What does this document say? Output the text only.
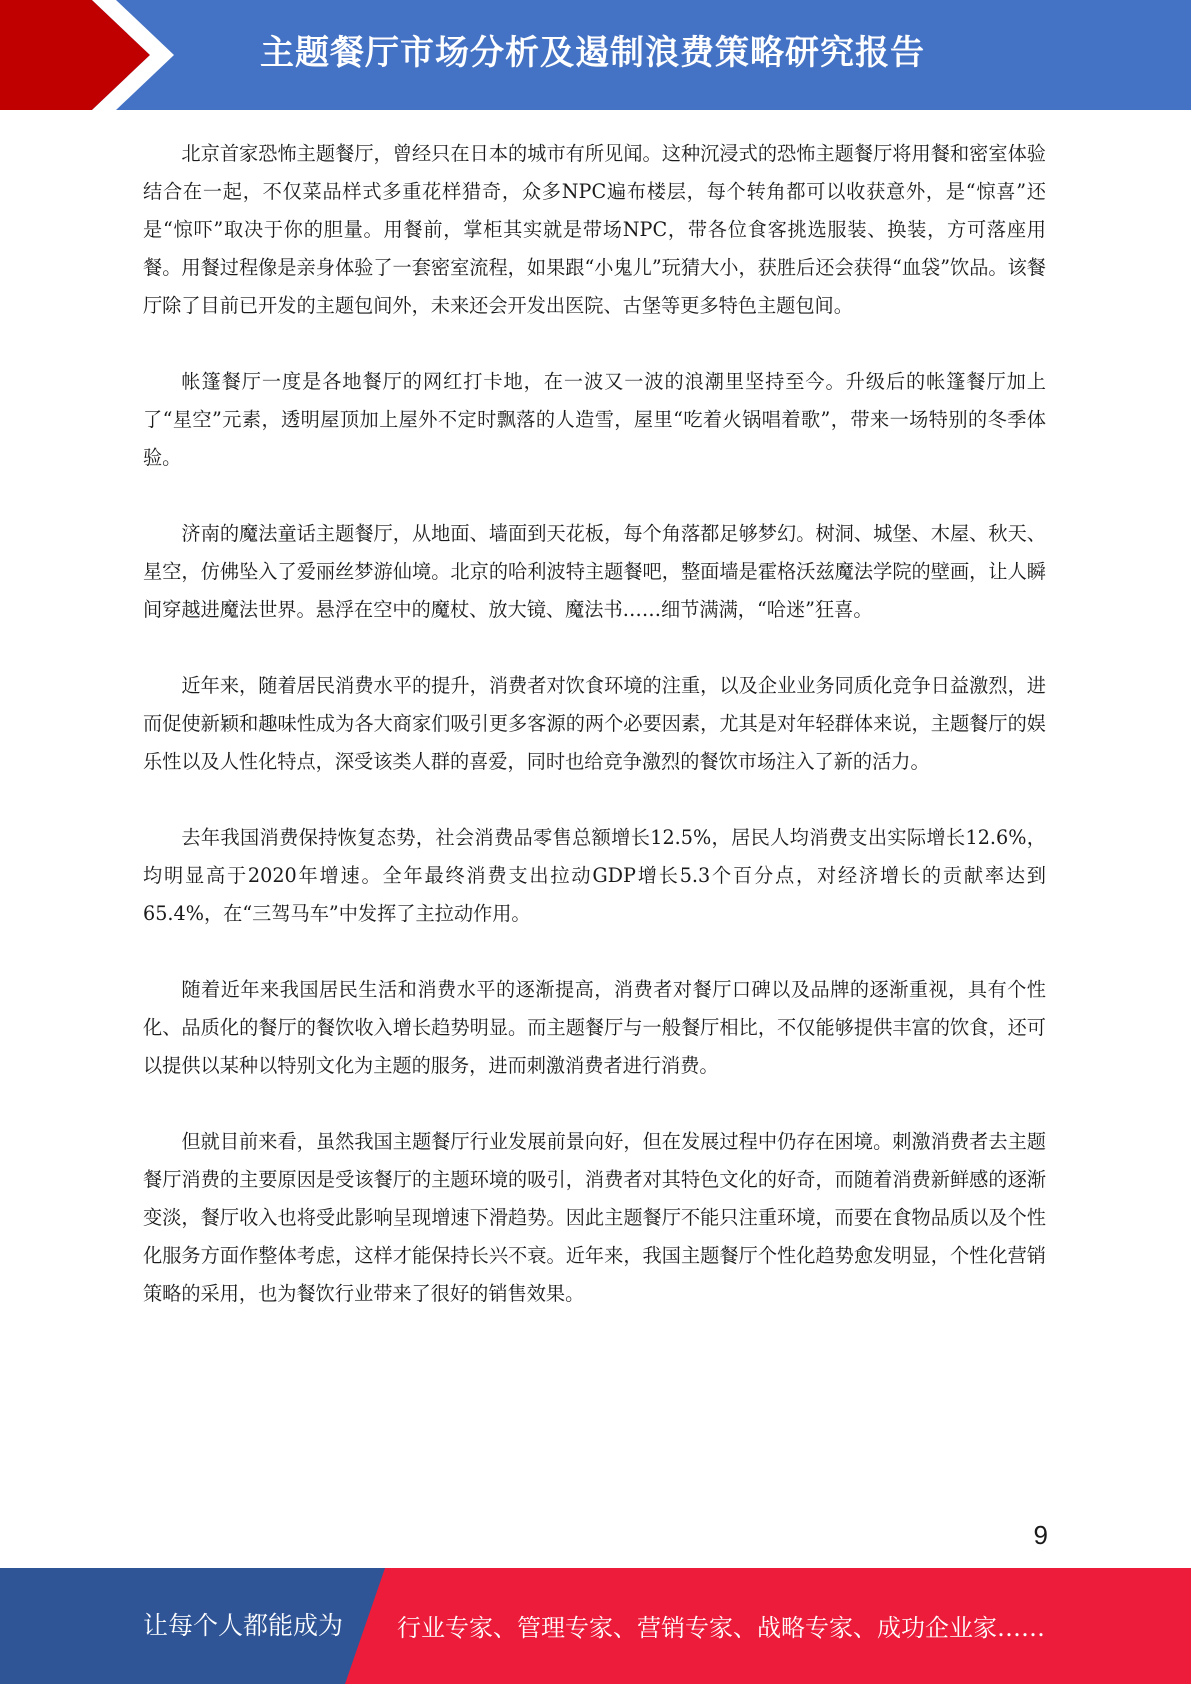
主题餐厅市场分析及遏制浪费策略研究报告

北京首家恐怖主题餐厅，曾经只在日本的城市有所见闻。这种沉浸式的恐怖主题餐厅将用餐和密室体验结合在一起，不仅菜品样式多重花样猎奇，众多NPC遍布楼层，每个转角都可以收获意外，是“惊喜”还是“惊吓”取决于你的胆量。用餐前，掌柜其实就是带场NPC，带各位食客挑选服装、换装，方可落座用餐。用餐过程像是亲身体验了一套密室流程，如果跟“小鬼儿”玩猜大小，获胜后还会获得“血袋”饮品。该餐厅除了目前已开发的主题包间外，未来还会开发出医院、古堡等更多特色主题包间。

帐篷餐厅一度是各地餐厅的网红打卡地，在一波又一波的浪潮里坚持至今。升级后的帐篷餐厅加上了“星空”元素，透明屋顶加上屋外不定时飘落的人造雪，屋里“吃着火锅唱着歌”，带来一场特别的冬季体验。

济南的魔法童话主题餐厅，从地面、墙面到天花板，每个角落都足够梦幻。树洞、城堡、木屋、秋天、星空，仿佛坠入了爱丽丝梦游仙境。北京的哈利波特主题餐吧，整面墙是霍格沃兹魔法学院的壁画，让人瞬间穿越进魔法世界。悬浮在空中的魔杖、放大镜、魔法书……细节满满，“哈迷”狂喜。

近年来，随着居民消费水平的提升，消费者对饮食环境的注重，以及企业业务同质化竞争日益激烈，进而促使新颖和趣味性成为各大商家们吸引更多客源的两个必要因素，尤其是对年轻群体来说，主题餐厅的娱乐性以及人性化特点，深受该类人群的喜爱，同时也给竞争激烈的餐饮市场注入了新的活力。

去年我国消费保持恢复态势，社会消费品零售总额增长12.5%，居民人均消费支出实际增长12.6%，均明显高于2020年增速。全年最终消费支出拉动GDP增长5.3个百分点，对经济增长的贡献率达到65.4%，在“三驾马车”中发挥了主拉动作用。

随着近年来我国居民生活和消费水平的逐渐提高，消费者对餐厅口碑以及品牌的逐渐重视，具有个性化、品质化的餐厅的餐饮收入增长趋势明显。而主题餐厅与一般餐厅相比，不仅能够提供丰富的饮食，还可以提供以某种以特别文化为主题的服务，进而刺激消费者进行消费。

但就目前来看，虽然我国主题餐厅行业发展前景向好，但在发展过程中仍存在困境。刺激消费者去主题餐厅消费的主要原因是受该餐厅的主题环境的吸引，消费者对其特色文化的好奇，而随着消费新鲜感的逐渐变淡，餐厅收入也将受此影响呈现增速下滑趋势。因此主题餐厅不能只注重环境，而要在食物品质以及个性化服务方面作整体考虑，这样才能保持长兴不衰。近年来，我国主题餐厅个性化趋势愈发明显，个性化营销策略的采用，也为餐饮行业带来了很好的销售效果。

9
让每个人都能成为 行业专家、管理专家、营销专家、战略专家、成功企业家……
